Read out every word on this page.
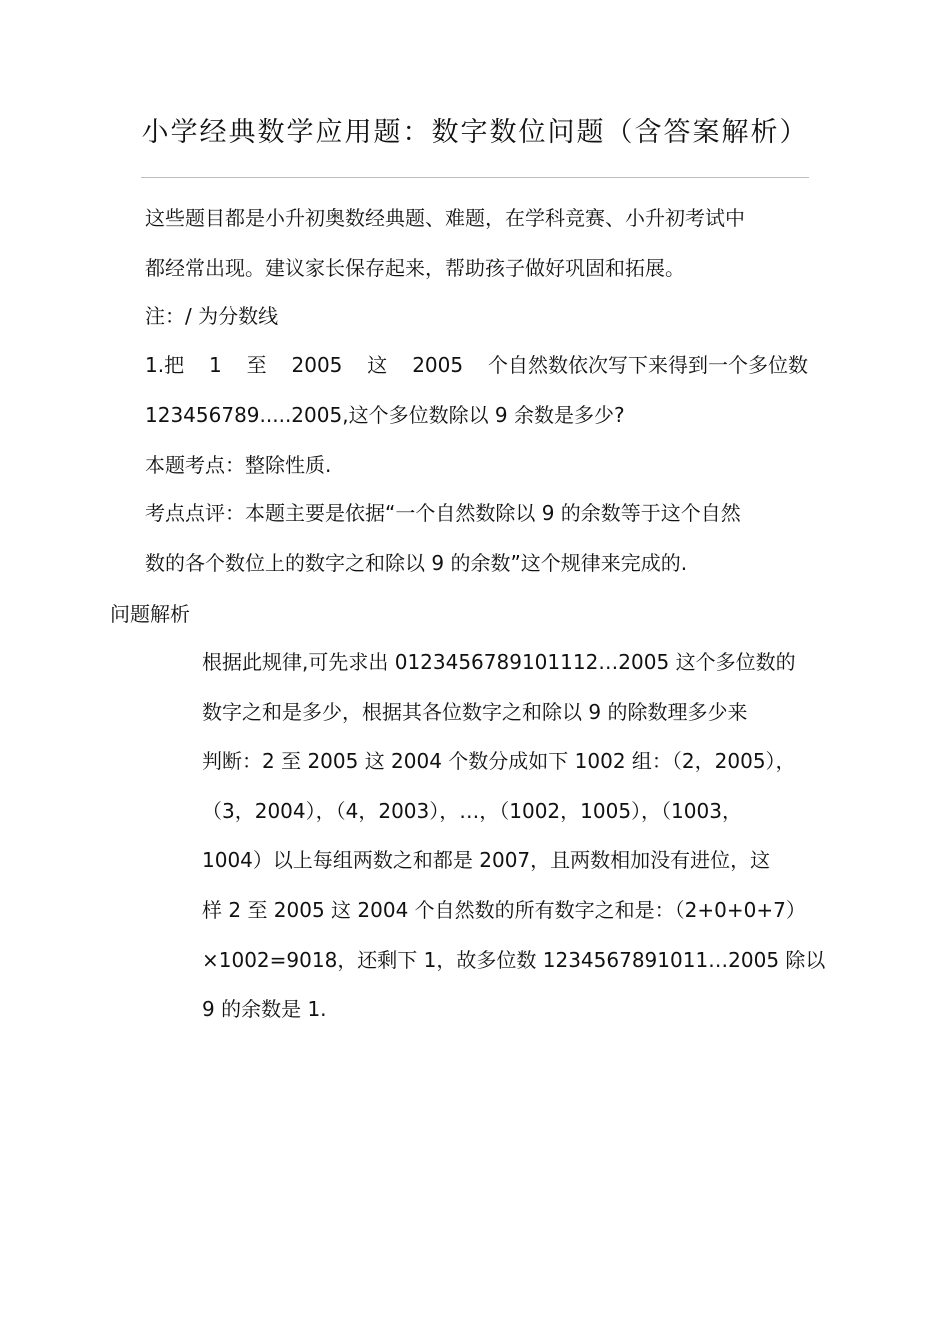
小学经典数学应用题：数字数位问题（含答案解析）
这些题目都是小升初奥数经典题、难题，在学科竞赛、小升初考试中
都经常出现。建议家长保存起来，帮助孩子做好巩固和拓展。
注：/ 为分数线
1.把 1 至 2005 这 2005 个自然数依次写下来得到一个多位数
123456789.....2005,这个多位数除以 9 余数是多少?
本题考点：整除性质.
考点点评：本题主要是依据“一个自然数除以 9 的余数等于这个自然
数的各个数位上的数字之和除以 9 的余数”这个规律来完成的.
问题解析
根据此规律,可先求出 0123456789101112…2005 这个多位数的
数字之和是多少，根据其各位数字之和除以 9 的除数理多少来
判断：2 至 2005 这 2004 个数分成如下 1002 组：（2，2005），
（3，2004），（4，2003），…，（1002，1005），（1003，
1004）以上每组两数之和都是 2007，且两数相加没有进位，这
样 2 至 2005 这 2004 个自然数的所有数字之和是：（2+0+0+7）
×1002=9018，还剩下 1，故多位数 1234567891011…2005 除以
9 的余数是 1.
